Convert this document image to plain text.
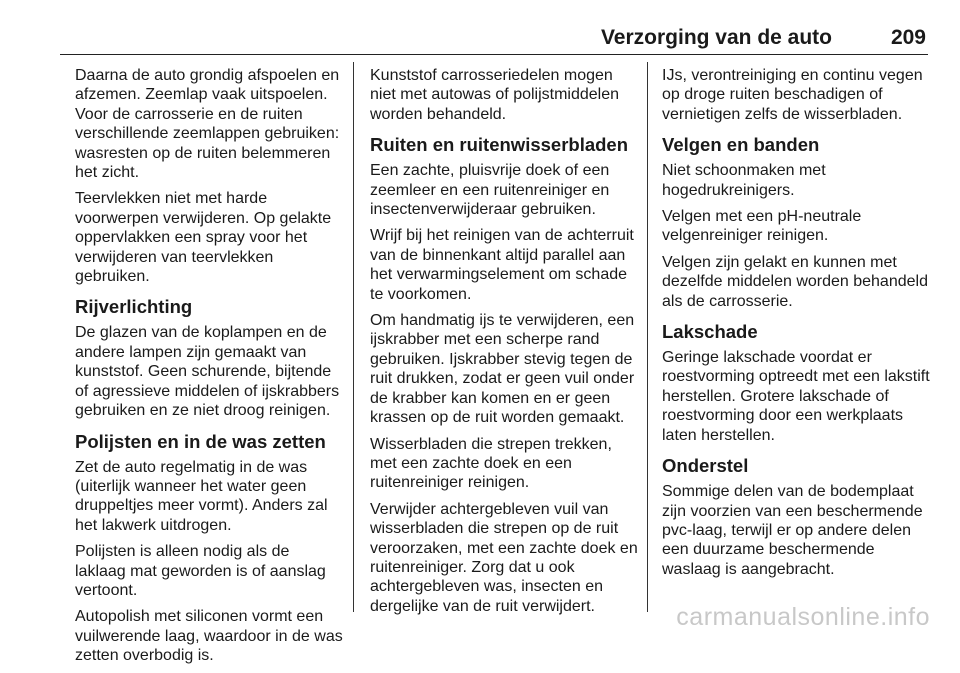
Verzorging van de auto	209

Daarna de auto grondig afspoelen en afzemen. Zeemlap vaak uitspoelen. Voor de carrosserie en de ruiten verschillende zeemlappen gebruiken: wasresten op de ruiten belemmeren het zicht.

Teervlekken niet met harde voorwerpen verwijderen. Op gelakte oppervlakken een spray voor het verwijderen van teervlekken gebruiken.

Rijverlichting

De glazen van de koplampen en de andere lampen zijn gemaakt van kunststof. Geen schurende, bijtende of agressieve middelen of ijskrabbers gebruiken en ze niet droog reinigen.

Polijsten en in de was zetten

Zet de auto regelmatig in de was (uiterlijk wanneer het water geen druppeltjes meer vormt). Anders zal het lakwerk uitdrogen.

Polijsten is alleen nodig als de laklaag mat geworden is of aanslag vertoont.

Autopolish met siliconen vormt een vuilwerende laag, waardoor in de was zetten overbodig is.

Kunststof carrosseriedelen mogen niet met autowas of polijstmiddelen worden behandeld.

Ruiten en ruitenwisserbladen

Een zachte, pluisvrije doek of een zeemleer en een ruitenreiniger en insectenverwijderaar gebruiken.

Wrijf bij het reinigen van de achterruit van de binnenkant altijd parallel aan het verwarmingselement om schade te voorkomen.

Om handmatig ijs te verwijderen, een ijskrabber met een scherpe rand gebruiken. Ijskrabber stevig tegen de ruit drukken, zodat er geen vuil onder de krabber kan komen en er geen krassen op de ruit worden gemaakt.

Wisserbladen die strepen trekken, met een zachte doek en een ruitenreiniger reinigen.

Verwijder achtergebleven vuil van wisserbladen die strepen op de ruit veroorzaken, met een zachte doek en ruitenreiniger. Zorg dat u ook achtergebleven was, insecten en dergelijke van de ruit verwijdert.

IJs, verontreiniging en continu vegen op droge ruiten beschadigen of vernietigen zelfs de wisserbladen.

Velgen en banden

Niet schoonmaken met hogedrukreinigers.

Velgen met een pH-neutrale velgenreiniger reinigen.

Velgen zijn gelakt en kunnen met dezelfde middelen worden behandeld als de carrosserie.

Lakschade

Geringe lakschade voordat er roestvorming optreedt met een lakstift herstellen. Grotere lakschade of roestvorming door een werkplaats laten herstellen.

Onderstel

Sommige delen van de bodemplaat zijn voorzien van een beschermende pvc-laag, terwijl er op andere delen een duurzame beschermende waslaag is aangebracht.

carmanualsonline.info
